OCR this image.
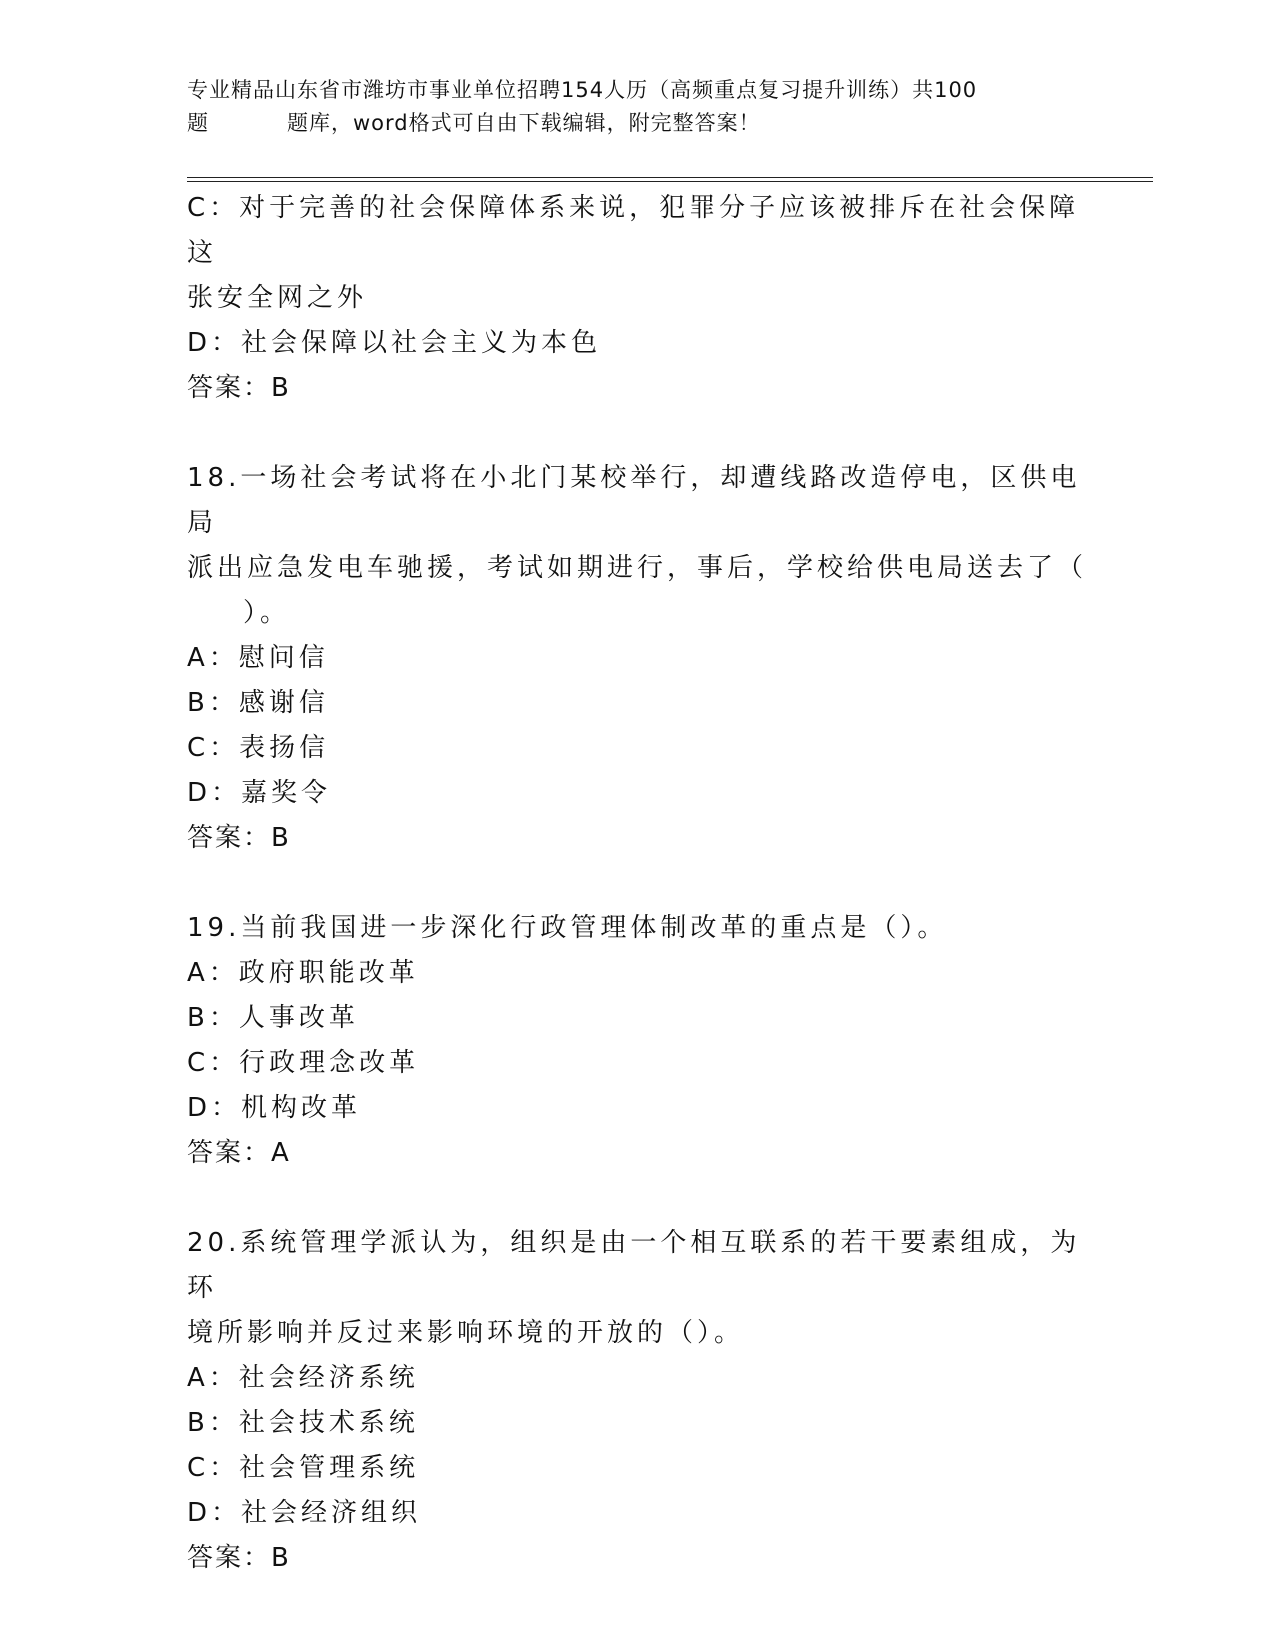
专业精品山东省市潍坊市事业单位招聘154人历（高频重点复习提升训练）共100
题	题库，word格式可自由下载编辑，附完整答案！

C：对于完善的社会保障体系来说，犯罪分子应该被排斥在社会保障这

张安全网之外

D：社会保障以社会主义为本色

答案：B

18.一场社会考试将在小北门某校举行，却遭线路改造停电，区供电局

派出应急发电车驰援，考试如期进行，事后，学校给供电局送去了（

）。

A：慰问信

B：感谢信

C：表扬信

D：嘉奖令

答案：B

19.当前我国进一步深化行政管理体制改革的重点是（）。

A：政府职能改革

B：人事改革

C：行政理念改革

D：机构改革

答案：A

20.系统管理学派认为，组织是由一个相互联系的若干要素组成，为环

境所影响并反过来影响环境的开放的（）。

A：社会经济系统

B：社会技术系统

C：社会管理系统

D：社会经济组织

答案：B
